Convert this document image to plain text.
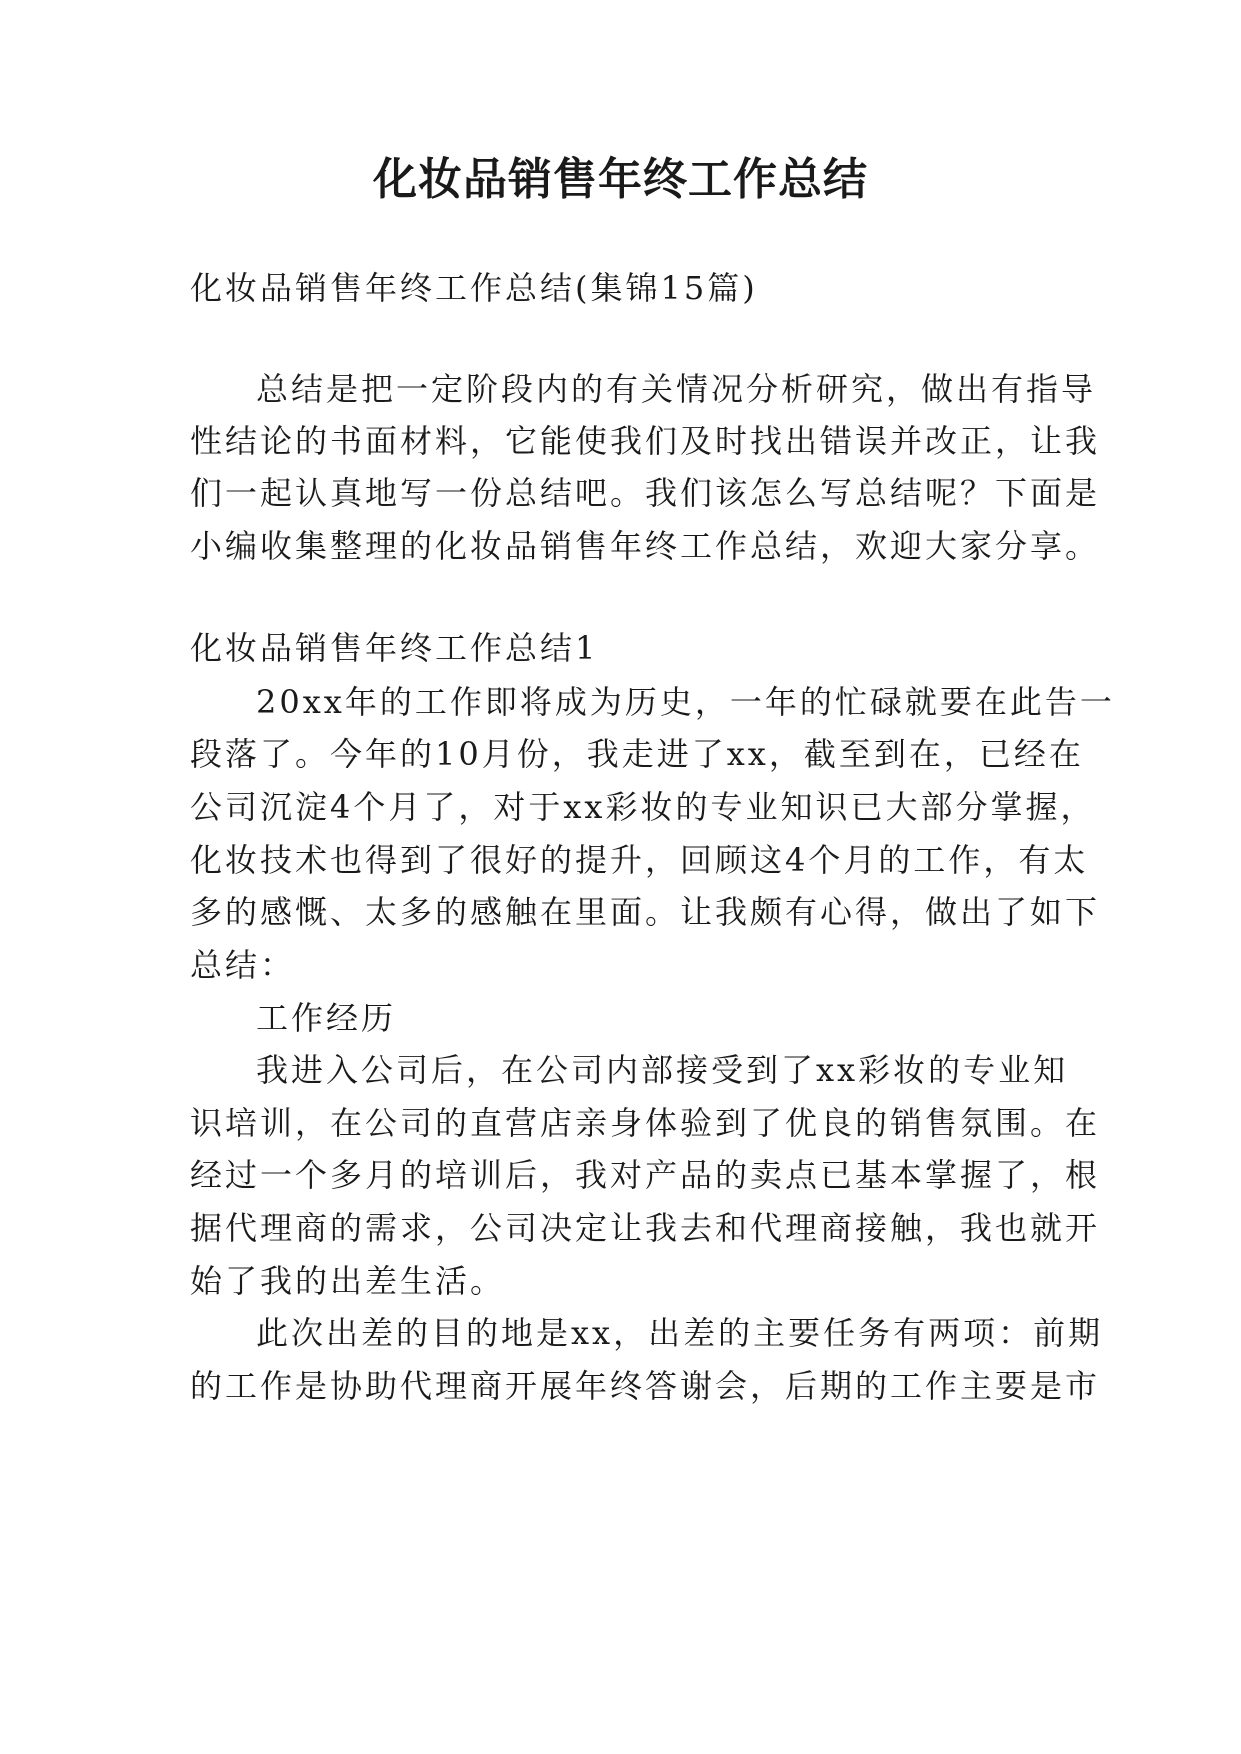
化妆品销售年终工作总结
化妆品销售年终工作总结(集锦15篇)
总结是把一定阶段内的有关情况分析研究，做出有指导
性结论的书面材料，它能使我们及时找出错误并改正，让我
们一起认真地写一份总结吧。我们该怎么写总结呢？下面是
小编收集整理的化妆品销售年终工作总结，欢迎大家分享。
化妆品销售年终工作总结1
20xx年的工作即将成为历史，一年的忙碌就要在此告一
段落了。今年的10月份，我走进了xx，截至到在，已经在
公司沉淀4个月了，对于xx彩妆的专业知识已大部分掌握，
化妆技术也得到了很好的提升，回顾这4个月的工作，有太
多的感慨、太多的感触在里面。让我颇有心得，做出了如下
总结：
工作经历
我进入公司后，在公司内部接受到了xx彩妆的专业知
识培训，在公司的直营店亲身体验到了优良的销售氛围。在
经过一个多月的培训后，我对产品的卖点已基本掌握了，根
据代理商的需求，公司决定让我去和代理商接触，我也就开
始了我的出差生活。
此次出差的目的地是xx，出差的主要任务有两项：前期
的工作是协助代理商开展年终答谢会，后期的工作主要是市
